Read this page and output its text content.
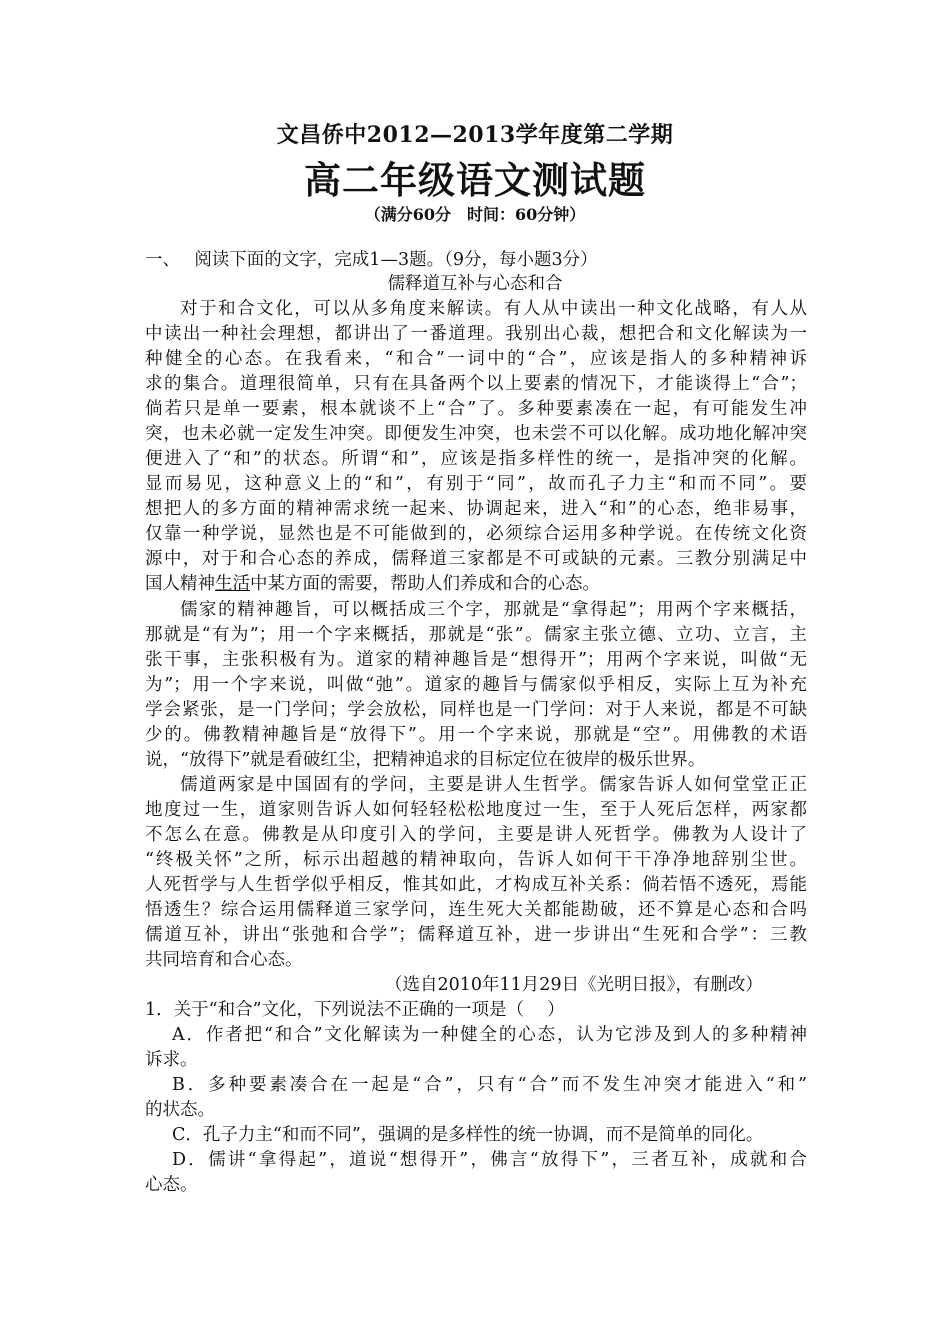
文昌侨中2012—2013学年度第二学期
高二年级语文测试题
（满分60分　时间：60分钟）
一、　 阅读下面的文字，完成1—3题。（9分，每小题3分）
儒释道互补与心态和合
对于和合文化，可以从多角度来解读。有人从中读出一种文化战略，有人从
中读出一种社会理想，都讲出了一番道理。我别出心裁，想把合和文化解读为一
种健全的心态。在我看来，“和合”一词中的“合”，应该是指人的多种精神诉
求的集合。道理很简单，只有在具备两个以上要素的情况下，才能谈得上“合”；
倘若只是单一要素，根本就谈不上“合”了。多种要素凑在一起，有可能发生冲
突，也未必就一定发生冲突。即便发生冲突，也未尝不可以化解。成功地化解冲突
便进入了“和”的状态。所谓“和”，应该是指多样性的统一，是指冲突的化解。
显而易见，这种意义上的“和”，有别于“同”，故而孔子力主“和而不同”。要
想把人的多方面的精神需求统一起来、协调起来，进入“和”的心态，绝非易事，
仅靠一种学说，显然也是不可能做到的，必须综合运用多种学说。在传统文化资
源中，对于和合心态的养成，儒释道三家都是不可或缺的元素。三教分别满足中
国人精神生活中某方面的需要，帮助人们养成和合的心态。
儒家的精神趣旨，可以概括成三个字，那就是“拿得起”；用两个字来概括，
那就是“有为”；用一个字来概括，那就是“张”。儒家主张立德、立功、立言，主
张干事，主张积极有为。道家的精神趣旨是“想得开”；用两个字来说，叫做“无
为”；用一个字来说，叫做“弛”。道家的趣旨与儒家似乎相反，实际上互为补充
学会紧张，是一门学问；学会放松，同样也是一门学问：对于人来说，都是不可缺
少的。佛教精神趣旨是“放得下”。用一个字来说，那就是“空”。用佛教的术语
说，“放得下”就是看破红尘，把精神追求的目标定位在彼岸的极乐世界。
儒道两家是中国固有的学问，主要是讲人生哲学。儒家告诉人如何堂堂正正
地度过一生，道家则告诉人如何轻轻松松地度过一生，至于人死后怎样，两家都
不怎么在意。佛教是从印度引入的学问，主要是讲人死哲学。佛教为人设计了
“终极关怀”之所，标示出超越的精神取向，告诉人如何干干净净地辞别尘世。
人死哲学与人生哲学似乎相反，惟其如此，才构成互补关系：倘若悟不透死，焉能
悟透生？综合运用儒释道三家学问，连生死大关都能勘破，还不算是心态和合吗
儒道互补，讲出“张弛和合学”；儒释道互补，进一步讲出“生死和合学”：三教
共同培育和合心态。
（选自2010年11月29日《光明日报》，有删改）
1．关于“和合”文化，下列说法不正确的一项是（　 ）
A．作者把“和合”文化解读为一种健全的心态，认为它涉及到人的多种精神
诉求。
B．多种要素凑合在一起是“合”，只有“合”而不发生冲突才能进入“和”
的状态。
C．孔子力主“和而不同”，强调的是多样性的统一协调，而不是简单的同化。
D．儒讲“拿得起”，道说“想得开”，佛言“放得下”，三者互补，成就和合
心态。
